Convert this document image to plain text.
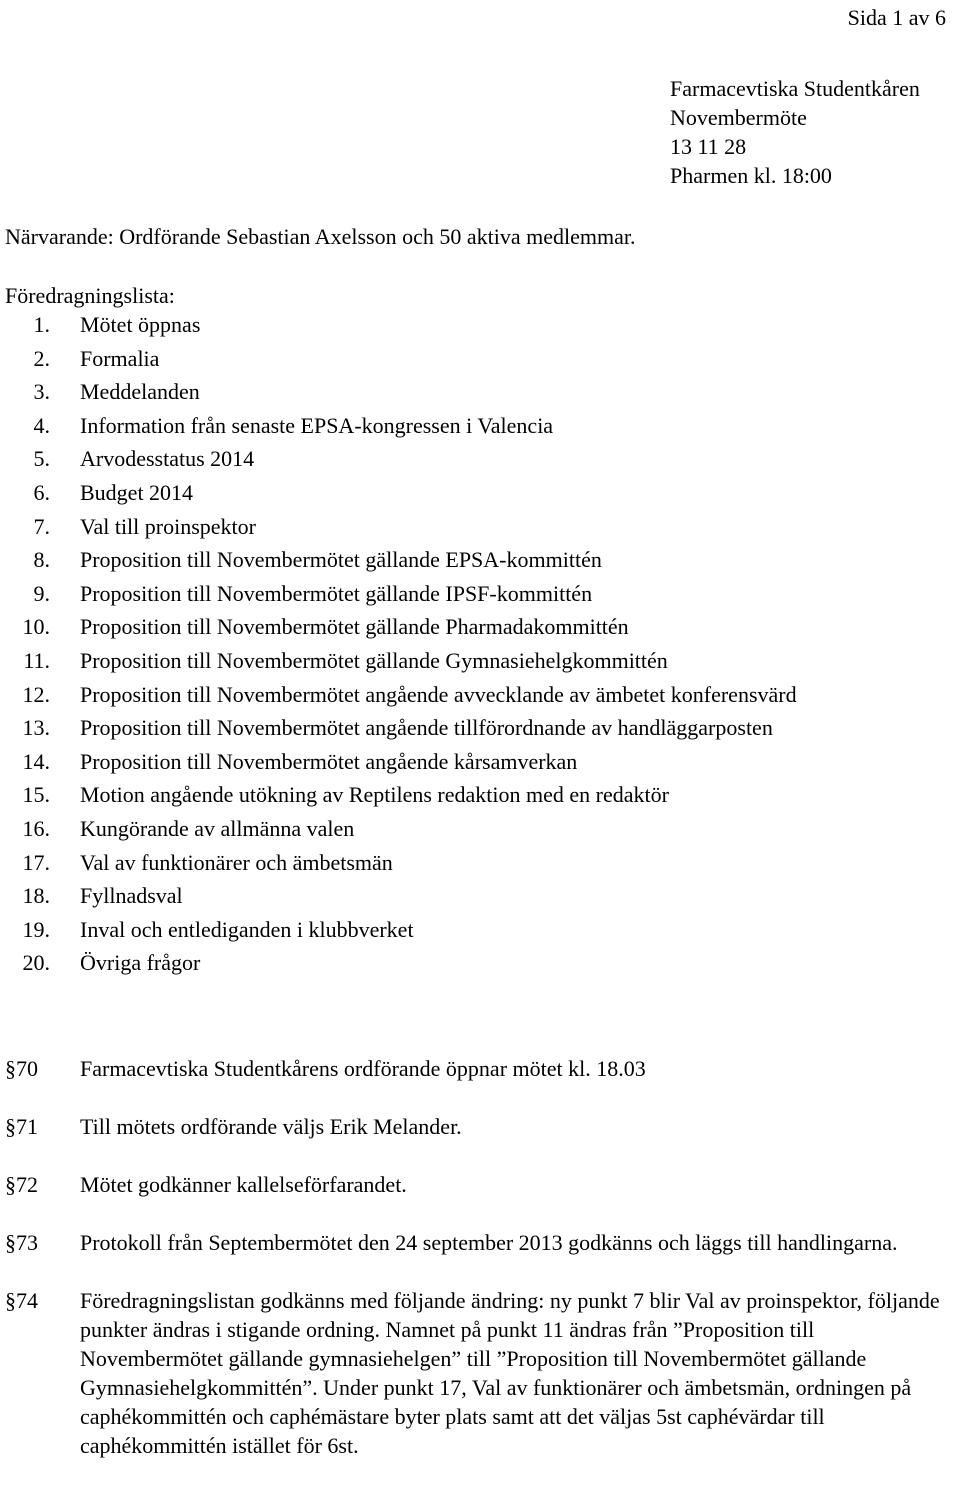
Sida 1 av 6
Farmacevtiska Studentkåren
Novembermöte
13 11 28
Pharmen kl. 18:00
Närvarande: Ordförande Sebastian Axelsson och 50 aktiva medlemmar.
Föredragningslista:
1. Mötet öppnas
2. Formalia
3. Meddelanden
4. Information från senaste EPSA-kongressen i Valencia
5. Arvodesstatus 2014
6. Budget 2014
7. Val till proinspektor
8. Proposition till Novembermötet gällande EPSA-kommittén
9. Proposition till Novembermötet gällande IPSF-kommittén
10. Proposition till Novembermötet gällande Pharmadakommittén
11. Proposition till Novembermötet gällande Gymnasiehelgkommittén
12. Proposition till Novembermötet angående avvecklande av ämbetet konferensvärd
13. Proposition till Novembermötet angående tillförordnande av handläggarposten
14. Proposition till Novembermötet angående kårsamverkan
15. Motion angående utökning av Reptilens redaktion med en redaktör
16. Kungörande av allmänna valen
17. Val av funktionärer och ämbetsmän
18. Fyllnadsval
19. Inval och entlediganden i klubbverket
20. Övriga frågor
§70 Farmacevtiska Studentkårens ordförande öppnar mötet kl. 18.03
§71 Till mötets ordförande väljs Erik Melander.
§72 Mötet godkänner kallelseförfarandet.
§73 Protokoll från Septembermötet den 24 september 2013 godkänns och läggs till handlingarna.
§74 Föredragningslistan godkänns med följande ändring: ny punkt 7 blir Val av proinspektor, följande punkter ändras i stigande ordning. Namnet på punkt 11 ändras från ”Proposition till Novembermötet gällande gymnasiehelgen” till ”Proposition till Novembermötet gällande Gymnasiehelgkommittén”. Under punkt 17, Val av funktionärer och ämbetsmän, ordningen på caphékommittén och caphémästare byter plats samt att det väljas 5st caphévärdar till caphékommittén istället för 6st.
